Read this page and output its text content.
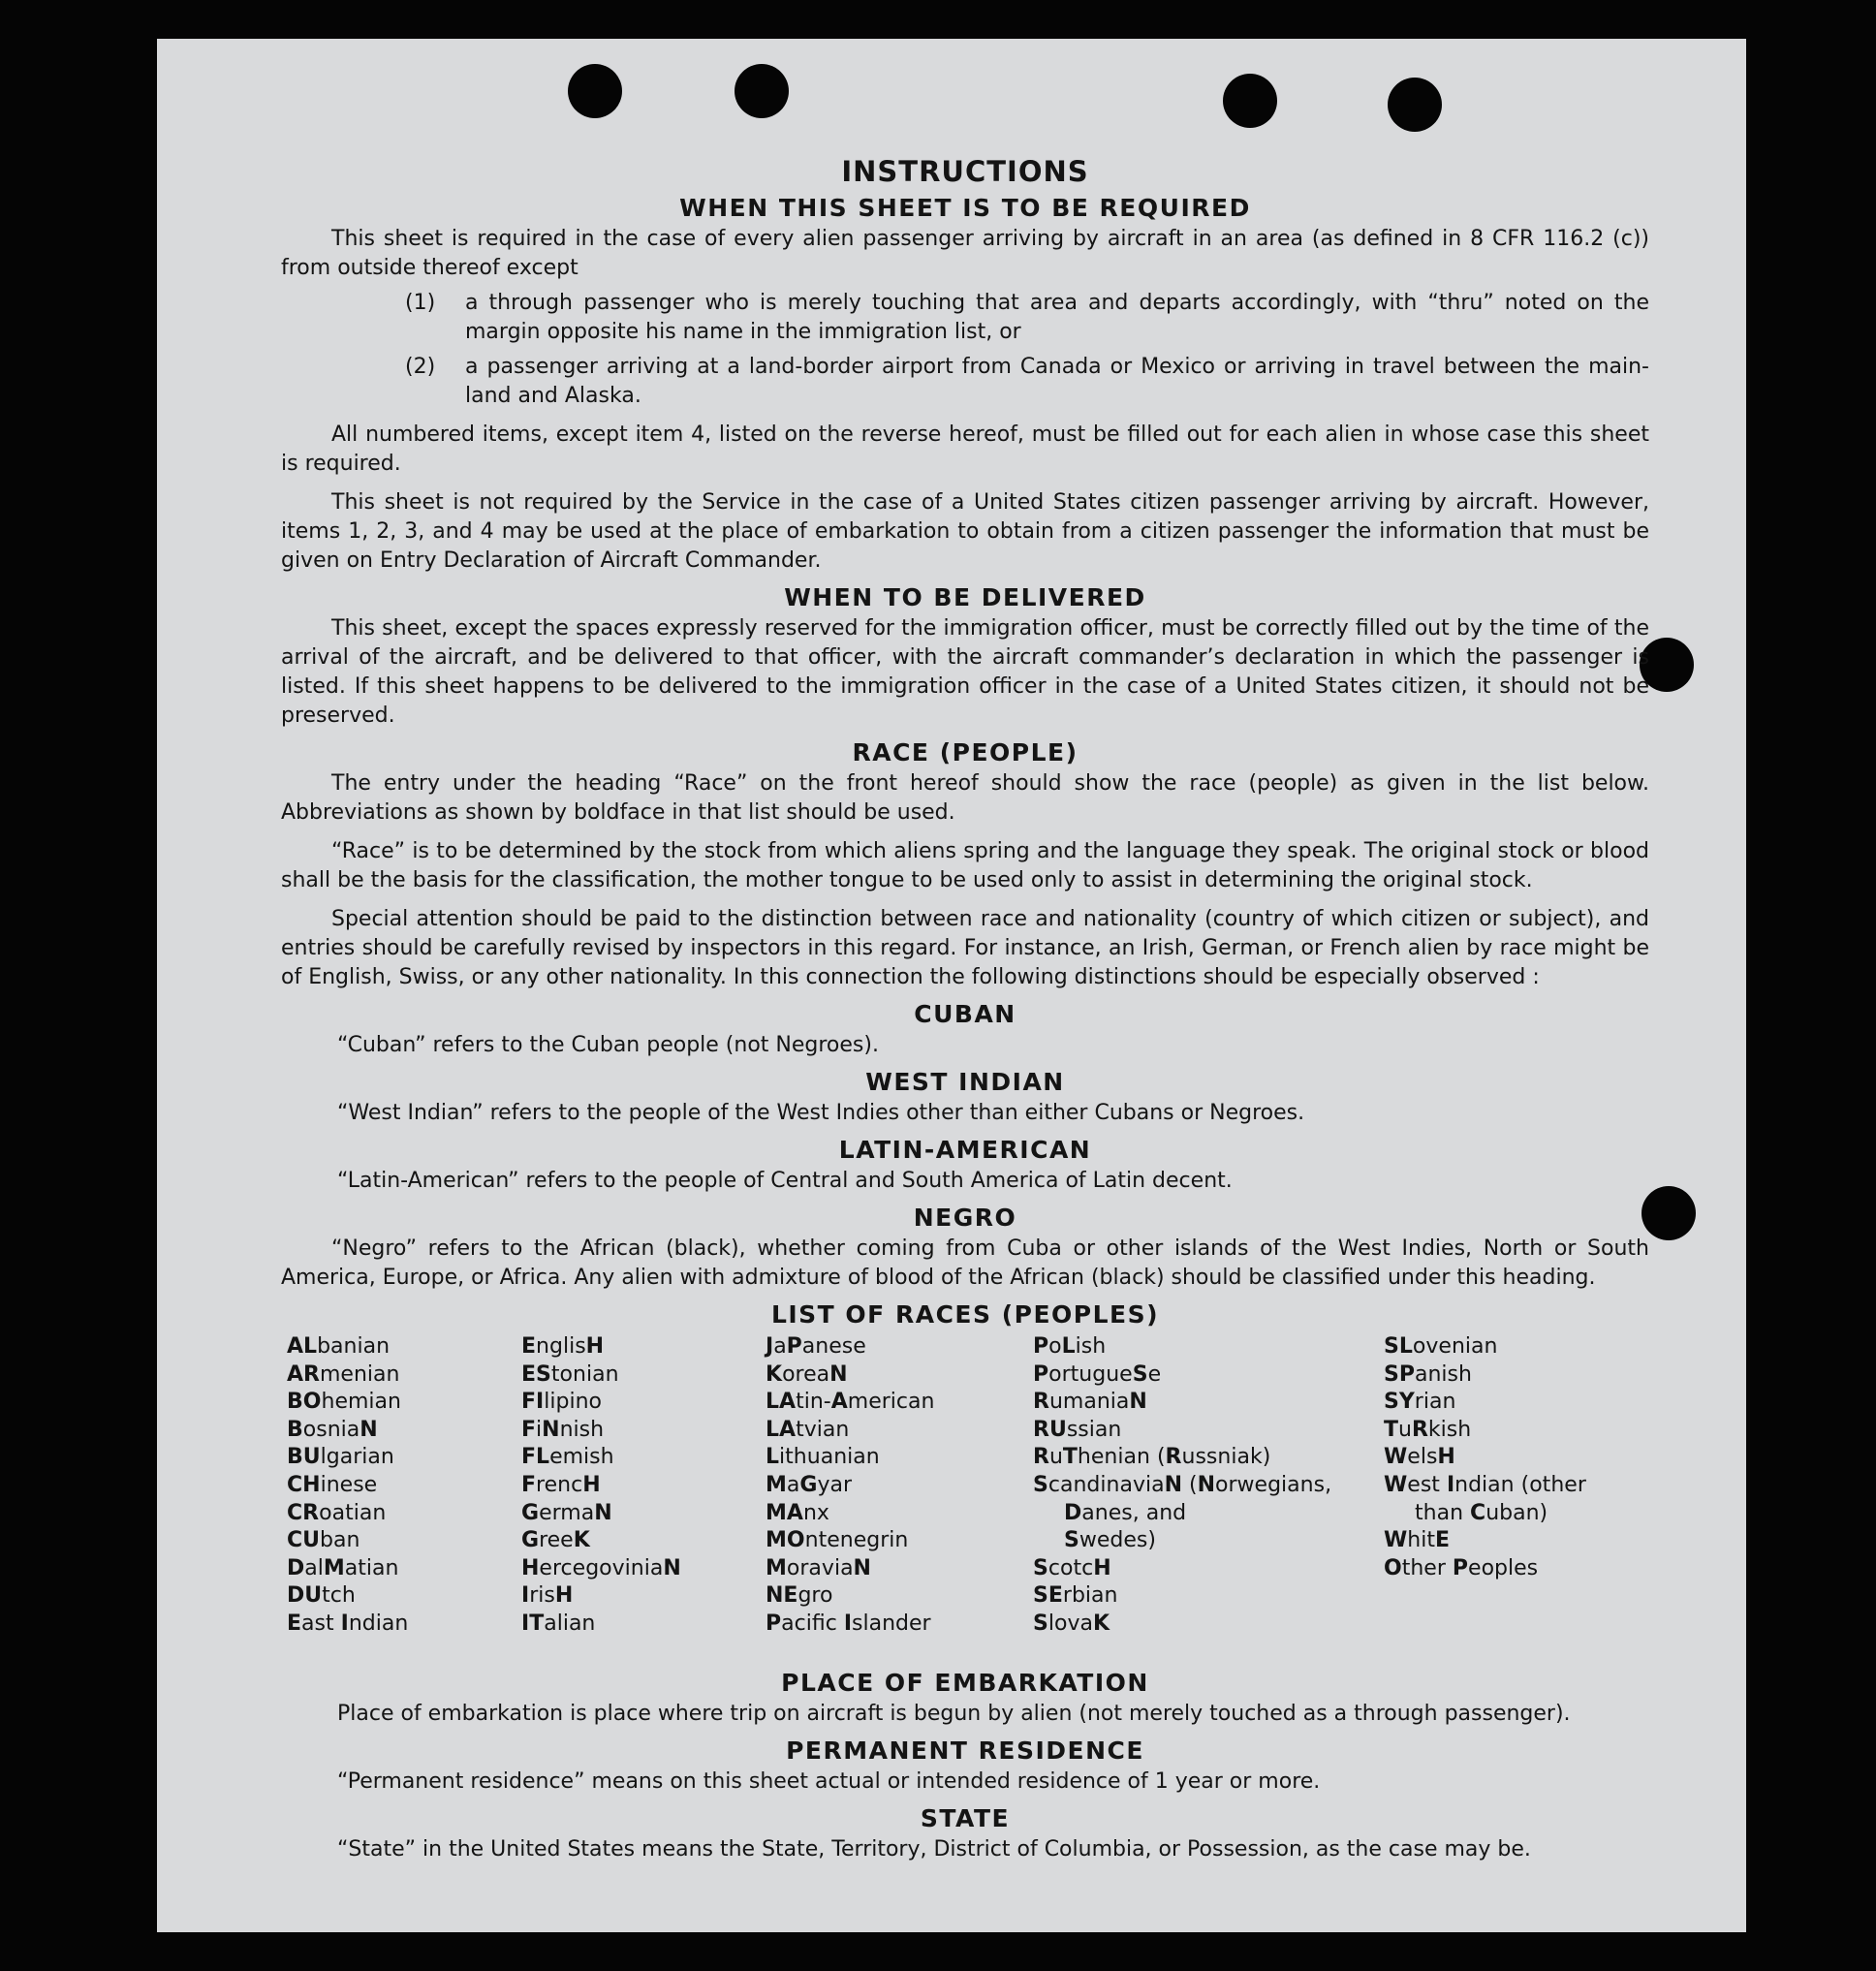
INSTRUCTIONS
WHEN THIS SHEET IS TO BE REQUIRED

This sheet is required in the case of every alien passenger arriving by aircraft in an area (as defined in 8 CFR 116.2 (c)) from outside thereof except

(1)	a through passenger who is merely touching that area and departs accordingly, with “thru” noted on the margin opposite his name in the immigration list, or
(2)	a passenger arriving at a land-border airport from Canada or Mexico or arriving in travel between the main-land and Alaska.

All numbered items, except item 4, listed on the reverse hereof, must be filled out for each alien in whose case this sheet is required.

This sheet is not required by the Service in the case of a United States citizen passenger arriving by aircraft. However, items 1, 2, 3, and 4 may be used at the place of embarkation to obtain from a citizen passenger the information that must be given on Entry Declaration of Aircraft Commander.

WHEN TO BE DELIVERED

This sheet, except the spaces expressly reserved for the immigration officer, must be correctly filled out by the time of the arrival of the aircraft, and be delivered to that officer, with the aircraft commander’s declaration in which the passenger is listed. If this sheet happens to be delivered to the immigration officer in the case of a United States citizen, it should not be preserved.

RACE (PEOPLE)

The entry under the heading “Race” on the front hereof should show the race (people) as given in the list below. Abbreviations as shown by boldface in that list should be used.

“Race” is to be determined by the stock from which aliens spring and the language they speak. The original stock or blood shall be the basis for the classification, the mother tongue to be used only to assist in determining the original stock.

Special attention should be paid to the distinction between race and nationality (country of which citizen or subject), and entries should be carefully revised by inspectors in this regard. For instance, an Irish, German, or French alien by race might be of English, Swiss, or any other nationality. In this connection the following distinctions should be especially observed :

CUBAN

“Cuban” refers to the Cuban people (not Negroes).

WEST INDIAN

“West Indian” refers to the people of the West Indies other than either Cubans or Negroes.

LATIN-AMERICAN

“Latin-American” refers to the people of Central and South America of Latin decent.

NEGRO

“Negro” refers to the African (black), whether coming from Cuba or other islands of the West Indies, North or South America, Europe, or Africa. Any alien with admixture of blood of the African (black) should be classified under this heading.

LIST OF RACES (PEOPLES)
ALbanian
ARmenian
BOhemian
BosniaN
BUlgarian
CHinese
CRoatian
CUban
DalMatian
DUtch
East Indian
EnglisH
EStonian
FIlipino
FiNnish
FLemish
FrencH
GermaN
GreeK
HercegoviniaN
IrisH
ITalian
JaPanese
KoreaN
LAtin-American
LAtvian
Lithuanian
MaGyar
MAnx
MOntenegrin
MoraviaN
NEgro
Pacifc Islander
PoLish
PortugueSe
RumaniaN
RUssian
RuThenian (Russniak)
ScandinaviaN (Norwegians,
Danes, and
Swedes)
ScotcH
SErbian
SlovaK
SLovenian
SPanish
SYrian
TuRkish
WelsH
West Indian (other
than Cuban)
WhitE
Other Peoples
PLACE OF EMBARKATION

Place of embarkation is place where trip on aircraft is begun by alien (not merely touched as a through passenger).

PERMANENT RESIDENCE

“Permanent residence” means on this sheet actual or intended residence of 1 year or more.

STATE

“State” in the United States means the State, Territory, District of Columbia, or Possession, as the case may be.
